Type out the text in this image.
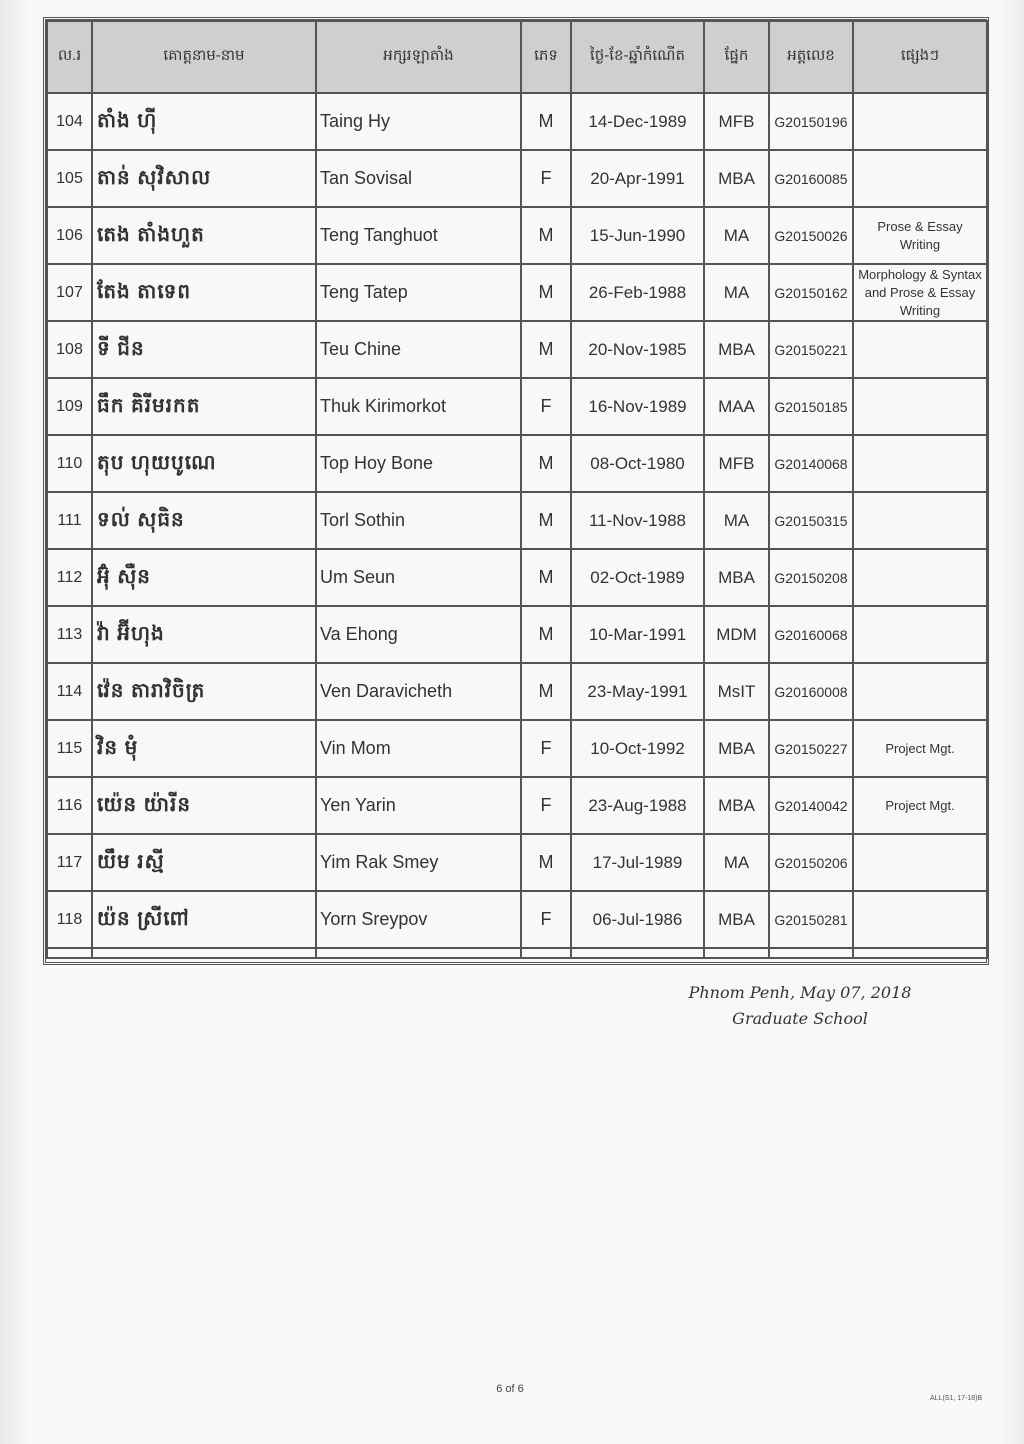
ល.រ	គោត្តនាម-នាម	អក្សរឡាតាំង	ភេទ	ថ្ងៃ-ខែ-ឆ្នាំកំណើត	ផ្នែក	អត្តលេខ	ផ្សេងៗ
104	តាំង ហ៊ី	Taing Hy	M	14-Dec-1989	MFB	G20150196	
105	តាន់ សុវិសាល	Tan Sovisal	F	20-Apr-1991	MBA	G20160085	
106	តេង តាំងហួត	Teng Tanghuot	M	15-Jun-1990	MA	G20150026	Prose & Essay Writing
107	តែង តាទេព	Teng Tatep	M	26-Feb-1988	MA	G20150162	Morphology & Syntax and Prose & Essay Writing
108	ទី ជីន	Teu Chine	M	20-Nov-1985	MBA	G20150221	
109	ធឹក គិរីមរកត	Thuk Kirimorkot	F	16-Nov-1989	MAA	G20150185	
110	តុប ហុយបូណេ	Top Hoy Bone	M	08-Oct-1980	MFB	G20140068	
111	ទល់ សុធិន	Torl Sothin	M	11-Nov-1988	MA	G20150315	
112	អ៊ុំ ស៊ឺន	Um Seun	M	02-Oct-1989	MBA	G20150208	
113	វ៉ា អ៊ីហុង	Va Ehong	M	10-Mar-1991	MDM	G20160068	
114	វ៉េន តារាវិចិត្រ	Ven Daravicheth	M	23-May-1991	MsIT	G20160008	
115	វិន មុំ	Vin Mom	F	10-Oct-1992	MBA	G20150227	Project Mgt.
116	យ៉េន យ៉ារីន	Yen Yarin	F	23-Aug-1988	MBA	G20140042	Project Mgt.
117	យឹម រស្មី	Yim Rak Smey	M	17-Jul-1989	MA	G20150206	
118	យ៉ន ស្រីពៅ	Yorn Sreypov	F	06-Jul-1986	MBA	G20150281	

Phnom Penh, May 07, 2018
Graduate School
6 of 6
ALL(S1, 17-18)B
